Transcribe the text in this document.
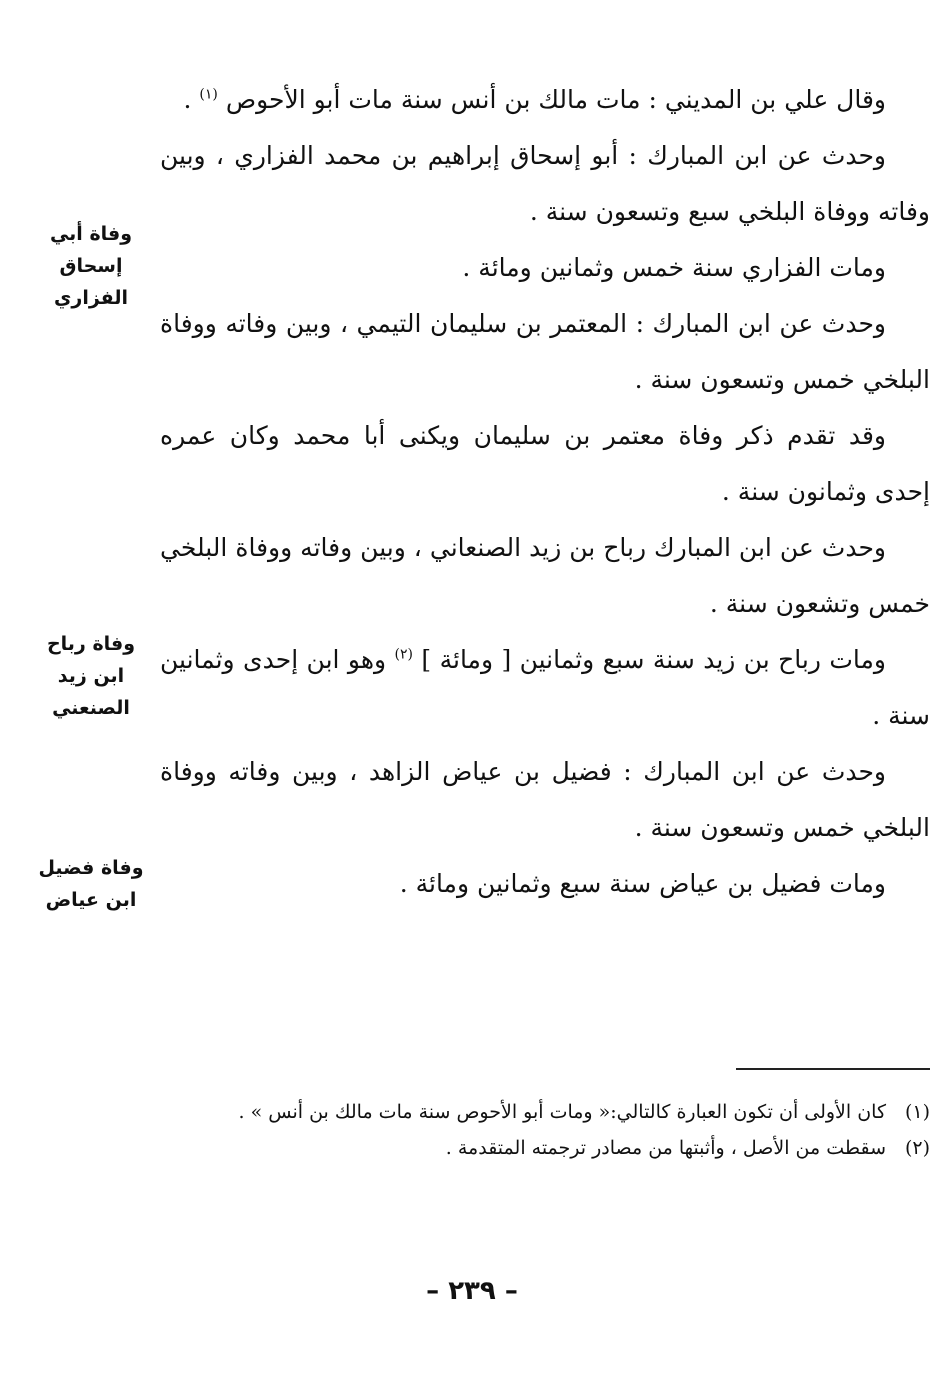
وقال علي بن المديني : مات مالك بن أنس سنة مات أبو الأحوص $^{(١)}$ .

وحدث عن ابن المبارك : أبو إسحاق إبراهيم بن محمد الفزاري ، وبين وفاته ووفاة البلخي سبع وتسعون سنة .

ومات الفزاري سنة خمس وثمانين ومائة .

وحدث عن ابن المبارك : المعتمر بن سليمان التيمي ، وبين وفاته ووفاة البلخي خمس وتسعون سنة .

وقد تقدم ذكر وفاة معتمر بن سليمان ويكنى أبا محمد وكان عمره إحدى وثمانون سنة .

وحدث عن ابن المبارك رباح بن زيد الصنعاني ، وبين وفاته ووفاة البلخي خمس وتشعون سنة .

ومات رباح بن زيد سنة سبع وثمانين [ ومائة ] $^{(٢)}$ وهو ابن إحدى وثمانين سنة .

وحدث عن ابن المبارك : فضيل بن عياض الزاهد ، وبين وفاته ووفاة البلخي خمس وتسعون سنة .

ومات فضيل بن عياض سنة سبع وثمانين ومائة .

وفاة أبي
إسحاق
الفزاري
وفاة رباح
ابن زيد
الصنعني
وفاة فضيل
ابن عياض
(١)كان الأولى أن تكون العبارة كالتالي:« ومات أبو الأحوص سنة مات مالك بن أنس » .
(٢)سقطت من الأصل ، وأثبتها من مصادر ترجمته المتقدمة .
– ٢٣٩ –
